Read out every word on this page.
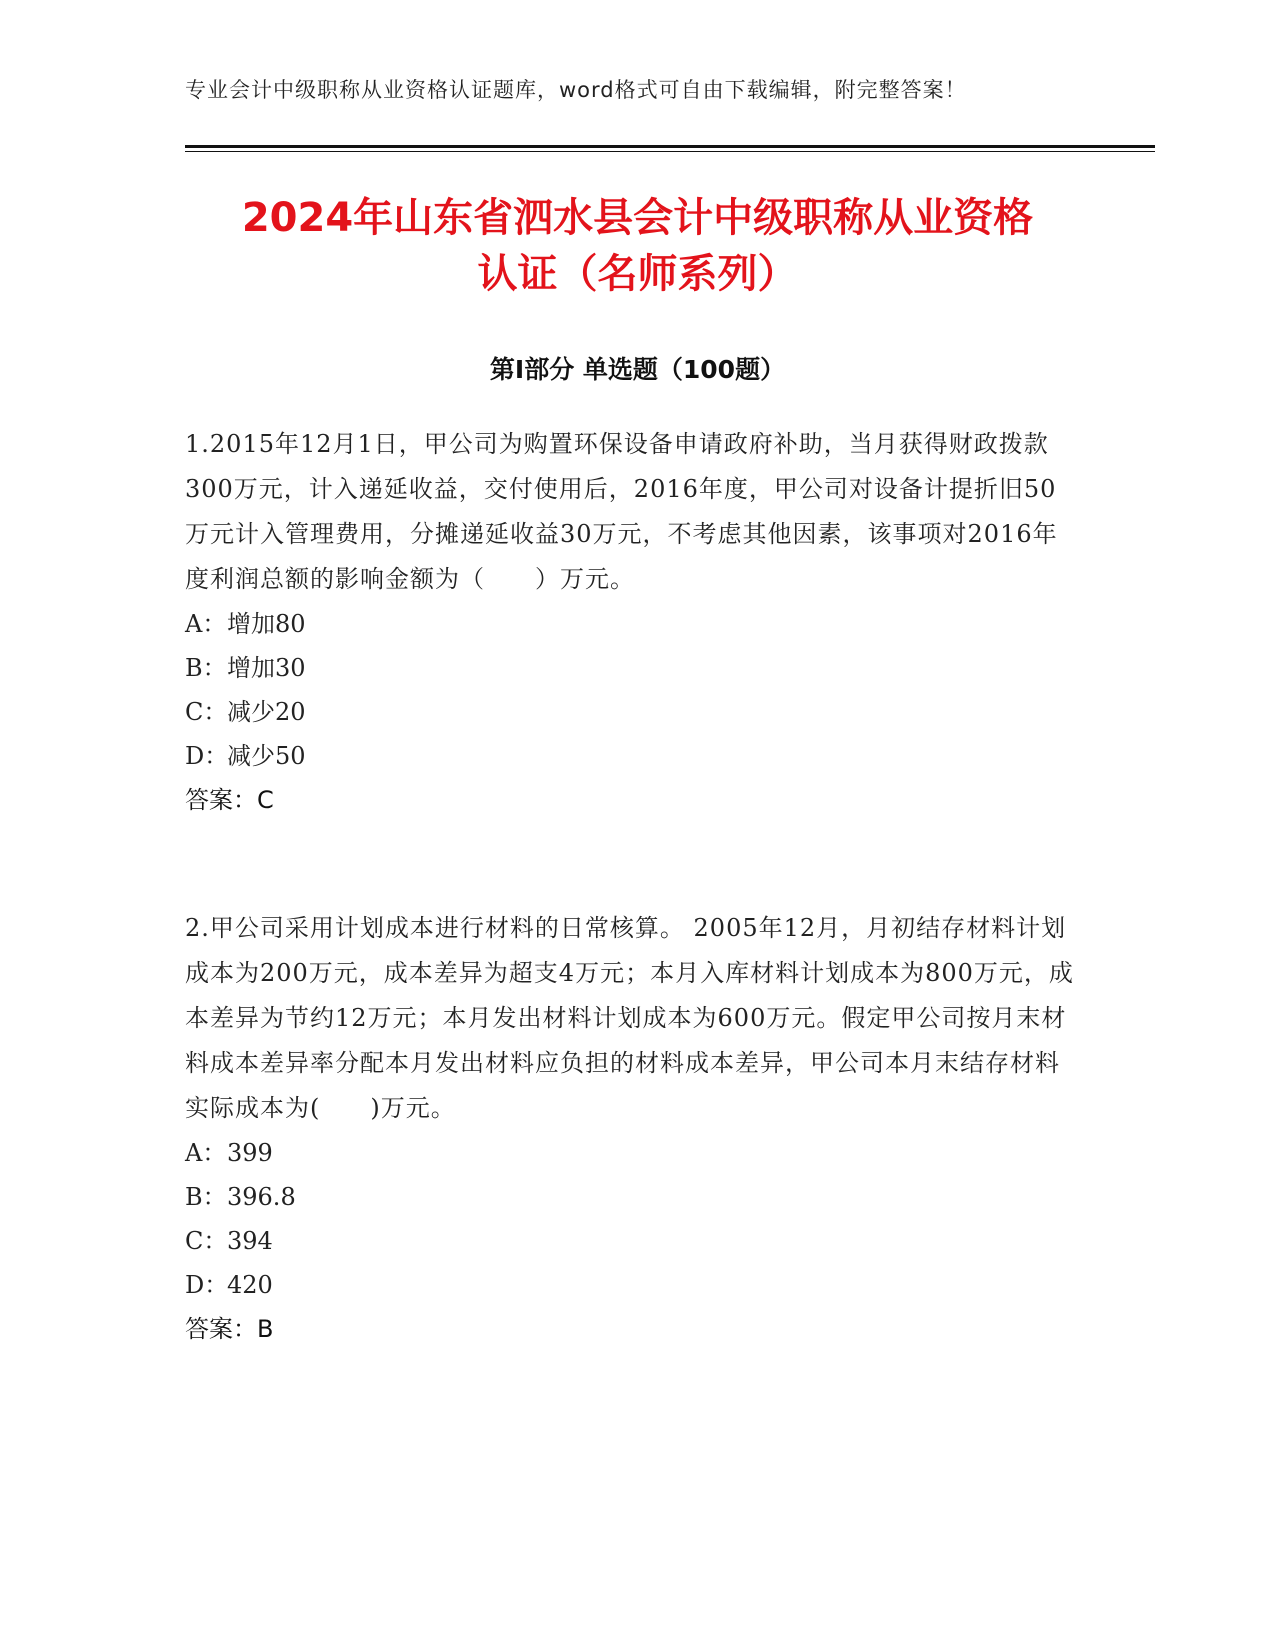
专业会计中级职称从业资格认证题库，word格式可自由下载编辑，附完整答案！
2024年山东省泗水县会计中级职称从业资格
认证（名师系列）
第I部分 单选题（100题）

1.2015年12月1日，甲公司为购置环保设备申请政府补助，当月获得财政拨款300万元，计入递延收益，交付使用后，2016年度，甲公司对设备计提折旧50万元计入管理费用，分摊递延收益30万元，不考虑其他因素，该事项对2016年度利润总额的影响金额为（　　）万元。

A： 增加80
B： 增加30
C： 减少20
D：
减少50
答案：C

2.甲公司采用计划成本进行材料的日常核算。 2005年12月，月初结存材料计划成本为200万元，成本差异为超支4万元；本月入库材料计划成本为800万元，成本差异为节约12万元；本月发出材料计划成本为600万元。假定甲公司按月末材料成本差异率分配本月发出材料应负担的材料成本差异，甲公司本月末结存材料实际成本为(　　)万元。

A： 399
B： 396.8
C： 394
D：
420
答案：B
